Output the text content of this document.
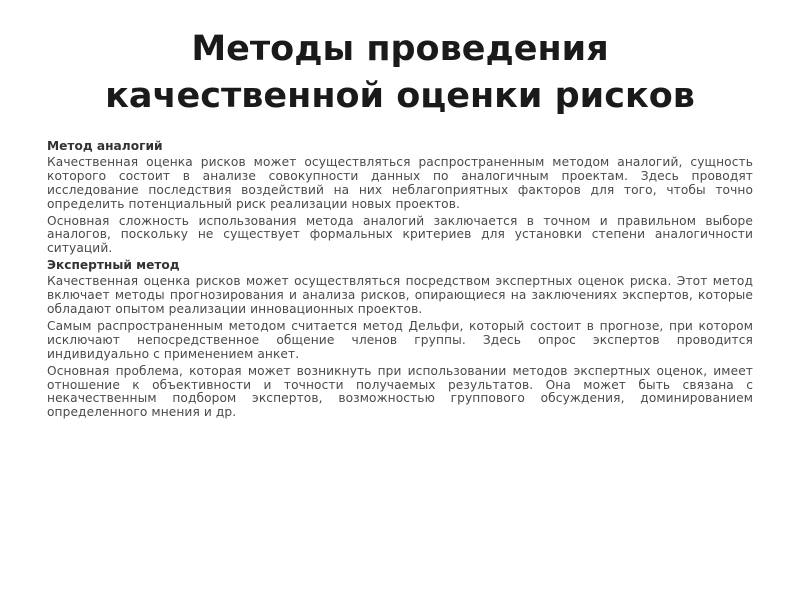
Методы проведения
качественной оценки рисков
Метод аналогий
Качественная оценка рисков может осуществляться распространенным методом аналогий, сущность которого состоит в анализе совокупности данных по аналогичным проектам. Здесь проводят исследование последствия воздействий на них неблагоприятных факторов для того, чтобы точно определить потенциальный риск реализации новых проектов.
Основная сложность использования метода аналогий заключается в точном и правильном выборе аналогов, поскольку не существует формальных критериев для установки степени аналогичности ситуаций.
Экспертный метод
Качественная оценка рисков может осуществляться посредством экспертных оценок риска. Этот метод включает методы прогнозирования и анализа рисков, опирающиеся на заключениях экспертов, которые обладают опытом реализации инновационных проектов.
Самым распространенным методом считается метод Дельфи, который состоит в прогнозе, при котором исключают непосредственное общение членов группы. Здесь опрос экспертов проводится индивидуально с применением анкет.
Основная проблема, которая может возникнуть при использовании методов экспертных оценок, имеет отношение к объективности и точности получаемых результатов. Она может быть связана с некачественным подбором экспертов, возможностью группового обсуждения, доминированием определенного мнения и др.
